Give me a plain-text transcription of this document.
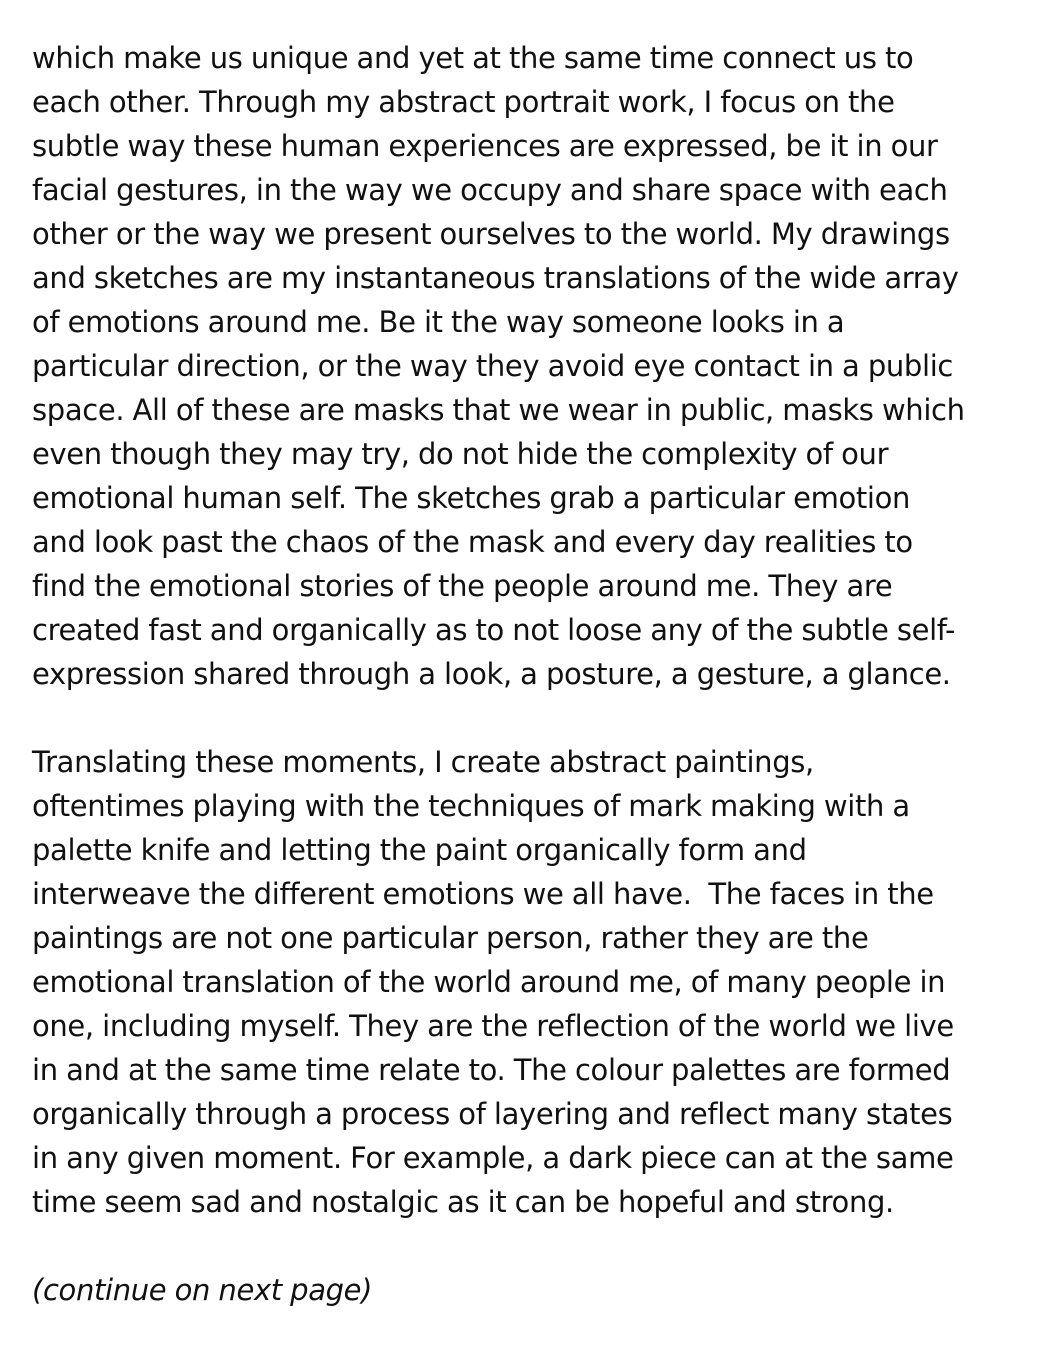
which make us unique and yet at the same time connect us to
each other. Through my abstract portrait work, I focus on the
subtle way these human experiences are expressed, be it in our
facial gestures, in the way we occupy and share space with each
other or the way we present ourselves to the world. My drawings
and sketches are my instantaneous translations of the wide array
of emotions around me. Be it the way someone looks in a
particular direction, or the way they avoid eye contact in a public
space. All of these are masks that we wear in public, masks which
even though they may try, do not hide the complexity of our
emotional human self. The sketches grab a particular emotion
and look past the chaos of the mask and every day realities to
find the emotional stories of the people around me. They are
created fast and organically as to not loose any of the subtle self-
expression shared through a look, a posture, a gesture, a glance.
Translating these moments, I create abstract paintings,
oftentimes playing with the techniques of mark making with a
palette knife and letting the paint organically form and
interweave the different emotions we all have.  The faces in the
paintings are not one particular person, rather they are the
emotional translation of the world around me, of many people in
one, including myself. They are the reflection of the world we live
in and at the same time relate to. The colour palettes are formed
organically through a process of layering and reflect many states
in any given moment. For example, a dark piece can at the same
time seem sad and nostalgic as it can be hopeful and strong.
(continue on next page)
